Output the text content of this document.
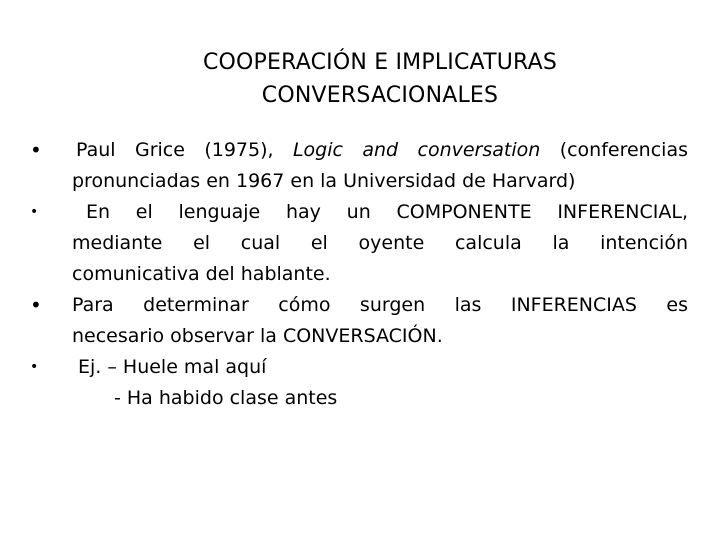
COOPERACIÓN E IMPLICATURAS
CONVERSACIONALES
• Paul Grice (1975), Logic and conversation (conferencias
pronunciadas en 1967 en la Universidad de Harvard)
•	En el lenguaje hay un COMPONENTE INFERENCIAL,
mediante el cual el oyente calcula la intención
comunicativa del hablante.
• Para determinar cómo surgen las INFERENCIAS es
necesario observar la CONVERSACIÓN.
•	Ej. – Huele mal aquí
- Ha habido clase antes
